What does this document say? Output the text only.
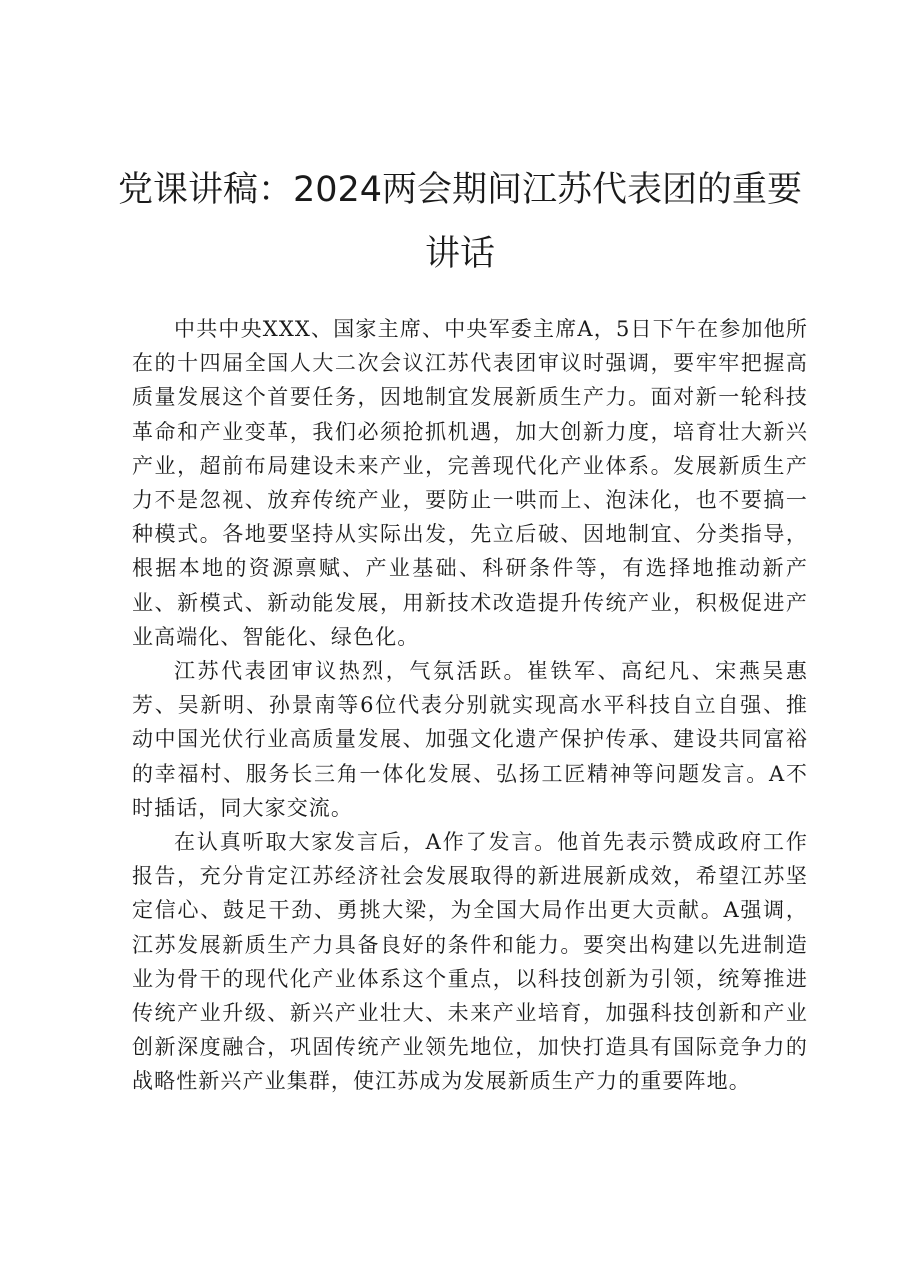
党课讲稿：2024两会期间江苏代表团的重要讲话

中共中央XXX、国家主席、中央军委主席A，5日下午在参加他所在的十四届全国人大二次会议江苏代表团审议时强调，要牢牢把握高质量发展这个首要任务，因地制宜发展新质生产力。面对新一轮科技革命和产业变革，我们必须抢抓机遇，加大创新力度，培育壮大新兴产业，超前布局建设未来产业，完善现代化产业体系。发展新质生产力不是忽视、放弃传统产业，要防止一哄而上、泡沫化，也不要搞一种模式。各地要坚持从实际出发，先立后破、因地制宜、分类指导，根据本地的资源禀赋、产业基础、科研条件等，有选择地推动新产业、新模式、新动能发展，用新技术改造提升传统产业，积极促进产业高端化、智能化、绿色化。

江苏代表团审议热烈，气氛活跃。崔铁军、高纪凡、宋燕吴惠芳、吴新明、孙景南等6位代表分别就实现高水平科技自立自强、推动中国光伏行业高质量发展、加强文化遗产保护传承、建设共同富裕的幸福村、服务长三角一体化发展、弘扬工匠精神等问题发言。A不时插话，同大家交流。

在认真听取大家发言后，A作了发言。他首先表示赞成政府工作报告，充分肯定江苏经济社会发展取得的新进展新成效，希望江苏坚定信心、鼓足干劲、勇挑大梁，为全国大局作出更大贡献。A强调，江苏发展新质生产力具备良好的条件和能力。要突出构建以先进制造业为骨干的现代化产业体系这个重点，以科技创新为引领，统筹推进传统产业升级、新兴产业壮大、未来产业培育，加强科技创新和产业创新深度融合，巩固传统产业领先地位，加快打造具有国际竞争力的战略性新兴产业集群，使江苏成为发展新质生产力的重要阵地。
